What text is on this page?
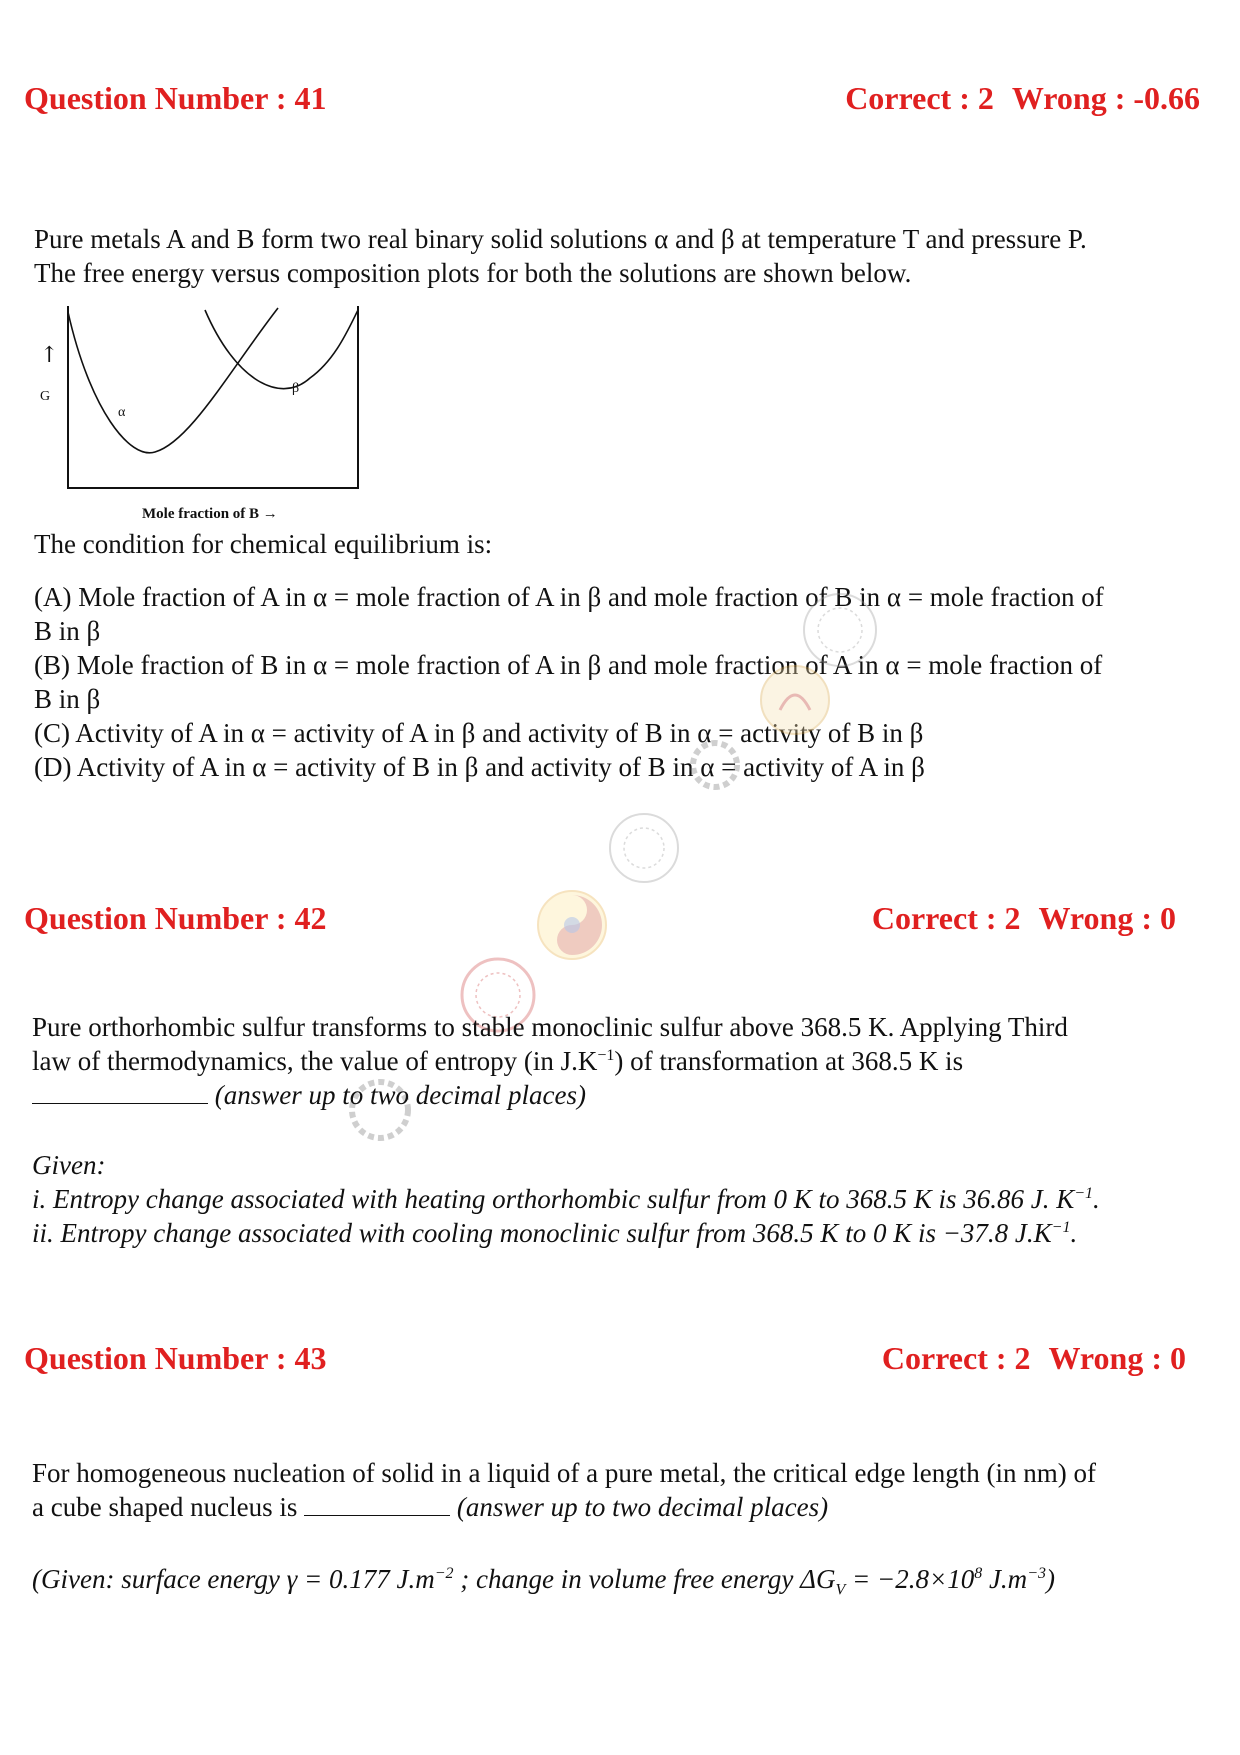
Question Number : 41	Correct : 2 Wrong : -0.66
Pure metals A and B form two real binary solid solutions α and β at temperature T and pressure P.
The free energy versus composition plots for both the solutions are shown below.
↑
G
α
β
Mole fraction of B →
The condition for chemical equilibrium is:
(A) Mole fraction of A in α = mole fraction of A in β and mole fraction of B in α = mole fraction of
B in β
(B) Mole fraction of B in α = mole fraction of A in β and mole fraction of A in α = mole fraction of
B in β
(C) Activity of A in α = activity of A in β and activity of B in α = activity of B in β
(D) Activity of A in α = activity of B in β and activity of B in α = activity of A in β
Question Number : 42	Correct : 2 Wrong : 0
Pure orthorhombic sulfur transforms to stable monoclinic sulfur above 368.5 K. Applying Third
law of thermodynamics, the value of entropy (in $J.K^{-1}$) of transformation at 368.5 K is
(answer up to two decimal places)
Given:
i. Entropy change associated with heating orthorhombic sulfur from 0 K to 368.5 K is 36.86 J. $K^{-1}$.
ii. Entropy change associated with cooling monoclinic sulfur from 368.5 K to 0 K is −37.8 $J.K^{-1}$.
Question Number : 43	Correct : 2 Wrong : 0
For homogeneous nucleation of solid in a liquid of a pure metal, the critical edge length (in nm) of
a cube shaped nucleus is	(answer up to two decimal places)
(Given: surface energy γ = 0.177 $J.m^{-2}$ ; change in volume free energy $\Delta G_V = -2.8\times 10^8$ $J.m^{-3}$)
